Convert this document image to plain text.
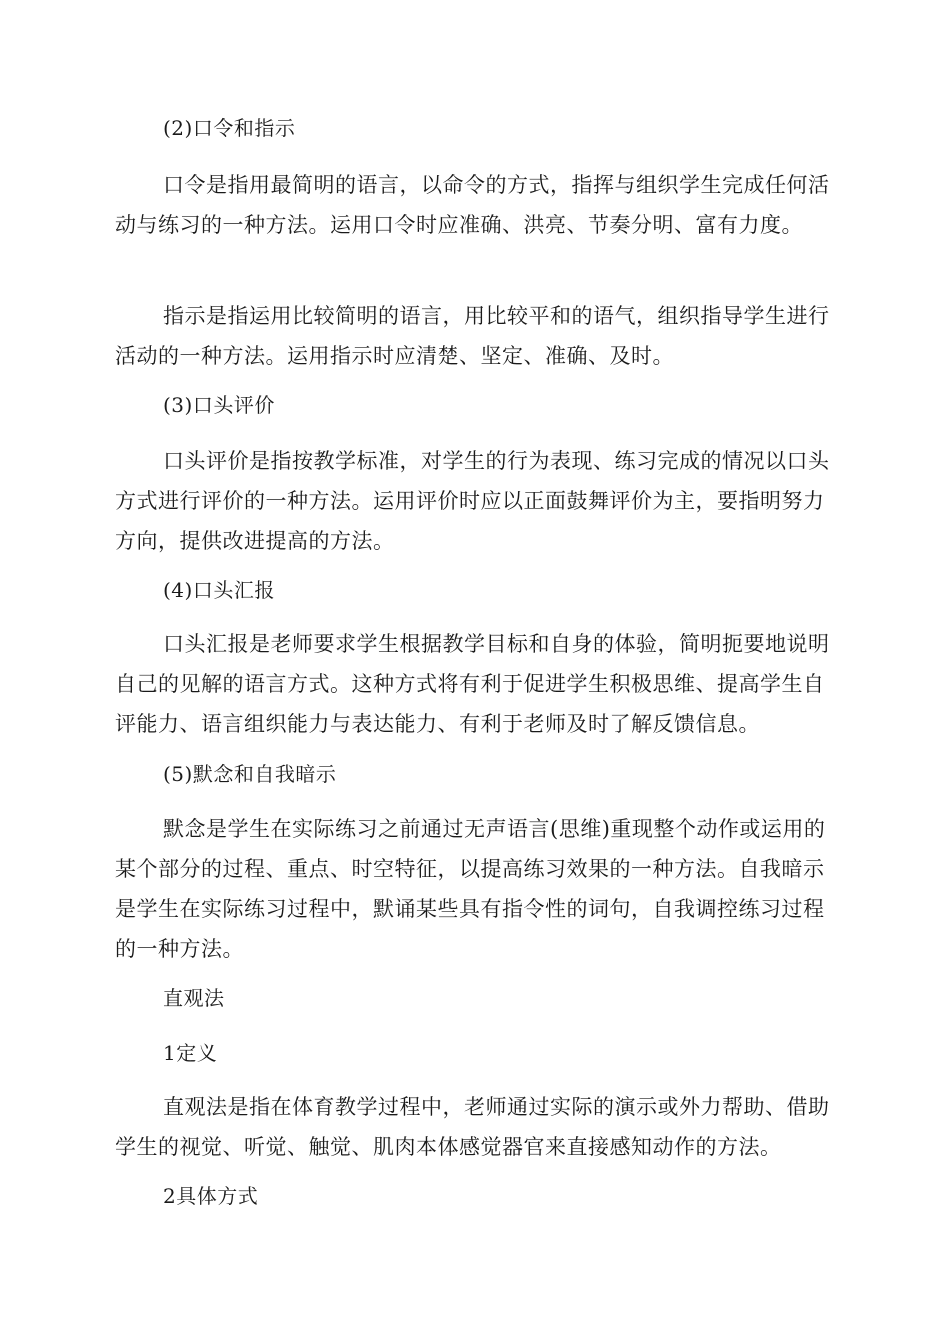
(2)口令和指示

口令是指用最简明的语言，以命令的方式，指挥与组织学生完成任何活动与练习的一种方法。运用口令时应准确、洪亮、节奏分明、富有力度。

指示是指运用比较简明的语言，用比较平和的语气，组织指导学生进行活动的一种方法。运用指示时应清楚、坚定、准确、及时。

(3)口头评价

口头评价是指按教学标准，对学生的行为表现、练习完成的情况以口头方式进行评价的一种方法。运用评价时应以正面鼓舞评价为主，要指明努力方向，提供改进提高的方法。

(4)口头汇报

口头汇报是老师要求学生根据教学目标和自身的体验，简明扼要地说明自己的见解的语言方式。这种方式将有利于促进学生积极思维、提高学生自评能力、语言组织能力与表达能力、有利于老师及时了解反馈信息。

(5)默念和自我暗示

默念是学生在实际练习之前通过无声语言(思维)重现整个动作或运用的某个部分的过程、重点、时空特征，以提高练习效果的一种方法。自我暗示是学生在实际练习过程中，默诵某些具有指令性的词句，自我调控练习过程的一种方法。

直观法

1定义

直观法是指在体育教学过程中，老师通过实际的演示或外力帮助、借助学生的视觉、听觉、触觉、肌肉本体感觉器官来直接感知动作的方法。

2具体方式
